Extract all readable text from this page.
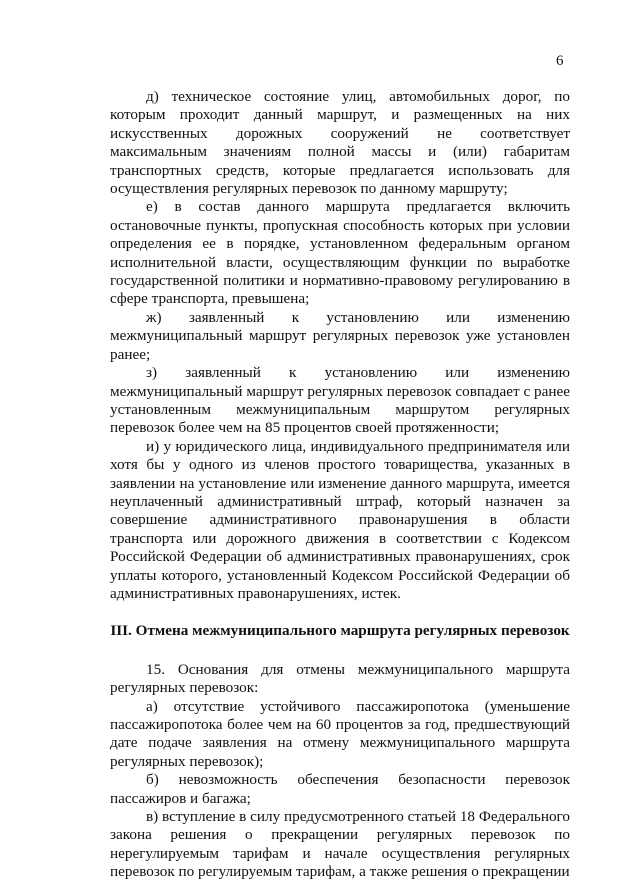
6

д) техническое состояние улиц, автомобильных дорог, по которым проходит данный маршрут, и размещенных на них искусственных дорожных сооружений не соответствует максимальным значениям полной массы и (или) габаритам транспортных средств, которые предлагается использовать для осуществления регулярных перевозок по данному маршруту;

е) в состав данного маршрута предлагается включить остановочные пункты, пропускная способность которых при условии определения ее в порядке, установленном федеральным органом исполнительной власти, осуществляющим функции по выработке государственной политики и нормативно-правовому регулированию в сфере транспорта, превышена;

ж) заявленный к установлению или изменению межмуниципальный маршрут регулярных перевозок уже установлен ранее;

з) заявленный к установлению или изменению межмуниципальный маршрут регулярных перевозок совпадает с ранее установленным межмуниципальным маршрутом регулярных перевозок более чем на 85 процентов своей протяженности;

и) у юридического лица, индивидуального предпринимателя или хотя бы у одного из членов простого товарищества, указанных в заявлении на установление или изменение данного маршрута, имеется неуплаченный административный штраф, который назначен за совершение административного правонарушения в области транспорта или дорожного движения в соответствии с Кодексом Российской Федерации об административных правонарушениях, срок уплаты которого, установленный Кодексом Российской Федерации об административных правонарушениях, истек.

III. Отмена межмуниципального маршрута регулярных перевозок

15. Основания для отмены межмуниципального маршрута регулярных перевозок:

а) отсутствие устойчивого пассажиропотока (уменьшение пассажиропотока более чем на 60 процентов за год, предшествующий дате подаче заявления на отмену межмуниципального маршрута регулярных перевозок);

б) невозможность обеспечения безопасности перевозок пассажиров и багажа;

в) вступление в силу предусмотренного статьей 18 Федерального закона решения о прекращении регулярных перевозок по нерегулируемым тарифам и начале осуществления регулярных перевозок по регулируемым тарифам, а также решения о прекращении
